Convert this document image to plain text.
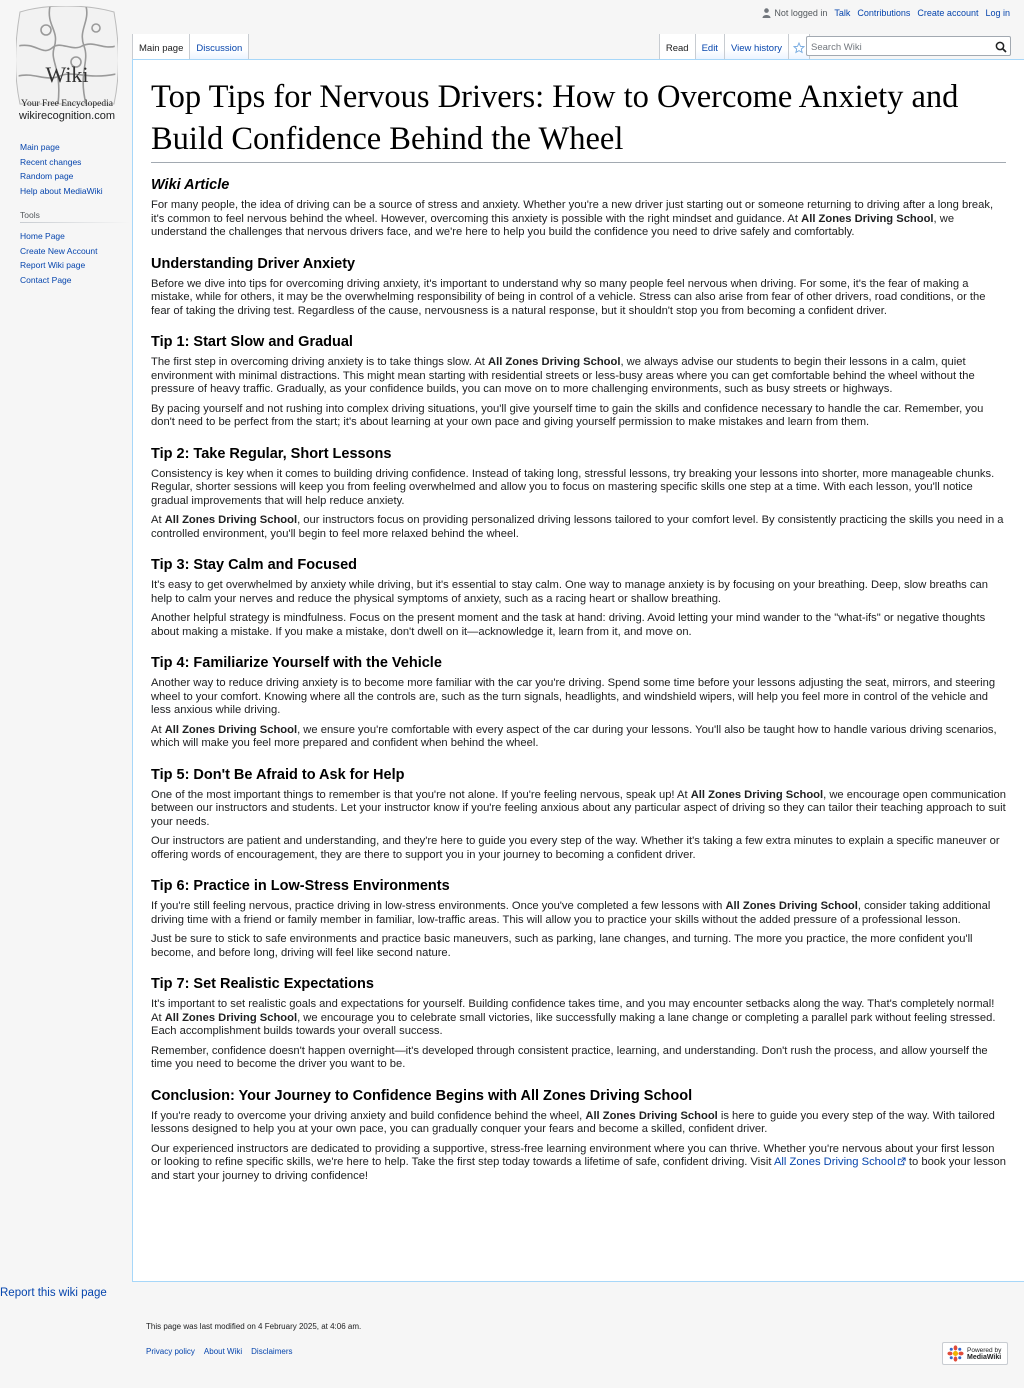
Wiki
Your Free Encyclopedia
wikirecognition.com
Not logged in Talk Contributions Create account Log in
Main page	Discussion	Read	Edit	View history
Search Wiki
Main page
Recent changes
Random page
Help about MediaWiki
Tools
Home Page
Create New Account
Report Wiki page
Contact Page
Top Tips for Nervous Drivers: How to Overcome Anxiety and Build Confidence Behind the Wheel
Wiki Article

For many people, the idea of driving can be a source of stress and anxiety. Whether you're a new driver just starting out or someone returning to driving after a long break, it's common to feel nervous behind the wheel. However, overcoming this anxiety is possible with the right mindset and guidance. At All Zones Driving School, we understand the challenges that nervous drivers face, and we're here to help you build the confidence you need to drive safely and comfortably.

Understanding Driver Anxiety

Before we dive into tips for overcoming driving anxiety, it's important to understand why so many people feel nervous when driving. For some, it's the fear of making a mistake, while for others, it may be the overwhelming responsibility of being in control of a vehicle. Stress can also arise from fear of other drivers, road conditions, or the fear of taking the driving test. Regardless of the cause, nervousness is a natural response, but it shouldn't stop you from becoming a confident driver.

Tip 1: Start Slow and Gradual

The first step in overcoming driving anxiety is to take things slow. At All Zones Driving School, we always advise our students to begin their lessons in a calm, quiet environment with minimal distractions. This might mean starting with residential streets or less-busy areas where you can get comfortable behind the wheel without the pressure of heavy traffic. Gradually, as your confidence builds, you can move on to more challenging environments, such as busy streets or highways.

By pacing yourself and not rushing into complex driving situations, you'll give yourself time to gain the skills and confidence necessary to handle the car. Remember, you don't need to be perfect from the start; it's about learning at your own pace and giving yourself permission to make mistakes and learn from them.

Tip 2: Take Regular, Short Lessons

Consistency is key when it comes to building driving confidence. Instead of taking long, stressful lessons, try breaking your lessons into shorter, more manageable chunks. Regular, shorter sessions will keep you from feeling overwhelmed and allow you to focus on mastering specific skills one step at a time. With each lesson, you'll notice gradual improvements that will help reduce anxiety.

At All Zones Driving School, our instructors focus on providing personalized driving lessons tailored to your comfort level. By consistently practicing the skills you need in a controlled environment, you'll begin to feel more relaxed behind the wheel.

Tip 3: Stay Calm and Focused

It's easy to get overwhelmed by anxiety while driving, but it's essential to stay calm. One way to manage anxiety is by focusing on your breathing. Deep, slow breaths can help to calm your nerves and reduce the physical symptoms of anxiety, such as a racing heart or shallow breathing.

Another helpful strategy is mindfulness. Focus on the present moment and the task at hand: driving. Avoid letting your mind wander to the "what-ifs" or negative thoughts about making a mistake. If you make a mistake, don't dwell on it—acknowledge it, learn from it, and move on.

Tip 4: Familiarize Yourself with the Vehicle

Another way to reduce driving anxiety is to become more familiar with the car you're driving. Spend some time before your lessons adjusting the seat, mirrors, and steering wheel to your comfort. Knowing where all the controls are, such as the turn signals, headlights, and windshield wipers, will help you feel more in control of the vehicle and less anxious while driving.

At All Zones Driving School, we ensure you're comfortable with every aspect of the car during your lessons. You'll also be taught how to handle various driving scenarios, which will make you feel more prepared and confident when behind the wheel.

Tip 5: Don't Be Afraid to Ask for Help

One of the most important things to remember is that you're not alone. If you're feeling nervous, speak up! At All Zones Driving School, we encourage open communication between our instructors and students. Let your instructor know if you're feeling anxious about any particular aspect of driving so they can tailor their teaching approach to suit your needs.

Our instructors are patient and understanding, and they're here to guide you every step of the way. Whether it's taking a few extra minutes to explain a specific maneuver or offering words of encouragement, they are there to support you in your journey to becoming a confident driver.

Tip 6: Practice in Low-Stress Environments

If you're still feeling nervous, practice driving in low-stress environments. Once you've completed a few lessons with All Zones Driving School, consider taking additional driving time with a friend or family member in familiar, low-traffic areas. This will allow you to practice your skills without the added pressure of a professional lesson.

Just be sure to stick to safe environments and practice basic maneuvers, such as parking, lane changes, and turning. The more you practice, the more confident you'll become, and before long, driving will feel like second nature.

Tip 7: Set Realistic Expectations

It's important to set realistic goals and expectations for yourself. Building confidence takes time, and you may encounter setbacks along the way. That's completely normal! At All Zones Driving School, we encourage you to celebrate small victories, like successfully making a lane change or completing a parallel park without feeling stressed. Each accomplishment builds towards your overall success.

Remember, confidence doesn't happen overnight—it's developed through consistent practice, learning, and understanding. Don't rush the process, and allow yourself the time you need to become the driver you want to be.

Conclusion: Your Journey to Confidence Begins with All Zones Driving School

If you're ready to overcome your driving anxiety and build confidence behind the wheel, All Zones Driving School is here to guide you every step of the way. With tailored lessons designed to help you at your own pace, you can gradually conquer your fears and become a skilled, confident driver.

Our experienced instructors are dedicated to providing a supportive, stress-free learning environment where you can thrive. Whether you're nervous about your first lesson or looking to refine specific skills, we're here to help. Take the first step today towards a lifetime of safe, confident driving. Visit All Zones Driving School to book your lesson and start your journey to driving confidence!

Report this wiki page
This page was last modified on 4 February 2025, at 4:06 am.
Privacy policy About Wiki Disclaimers	Powered by
MediaWiki
